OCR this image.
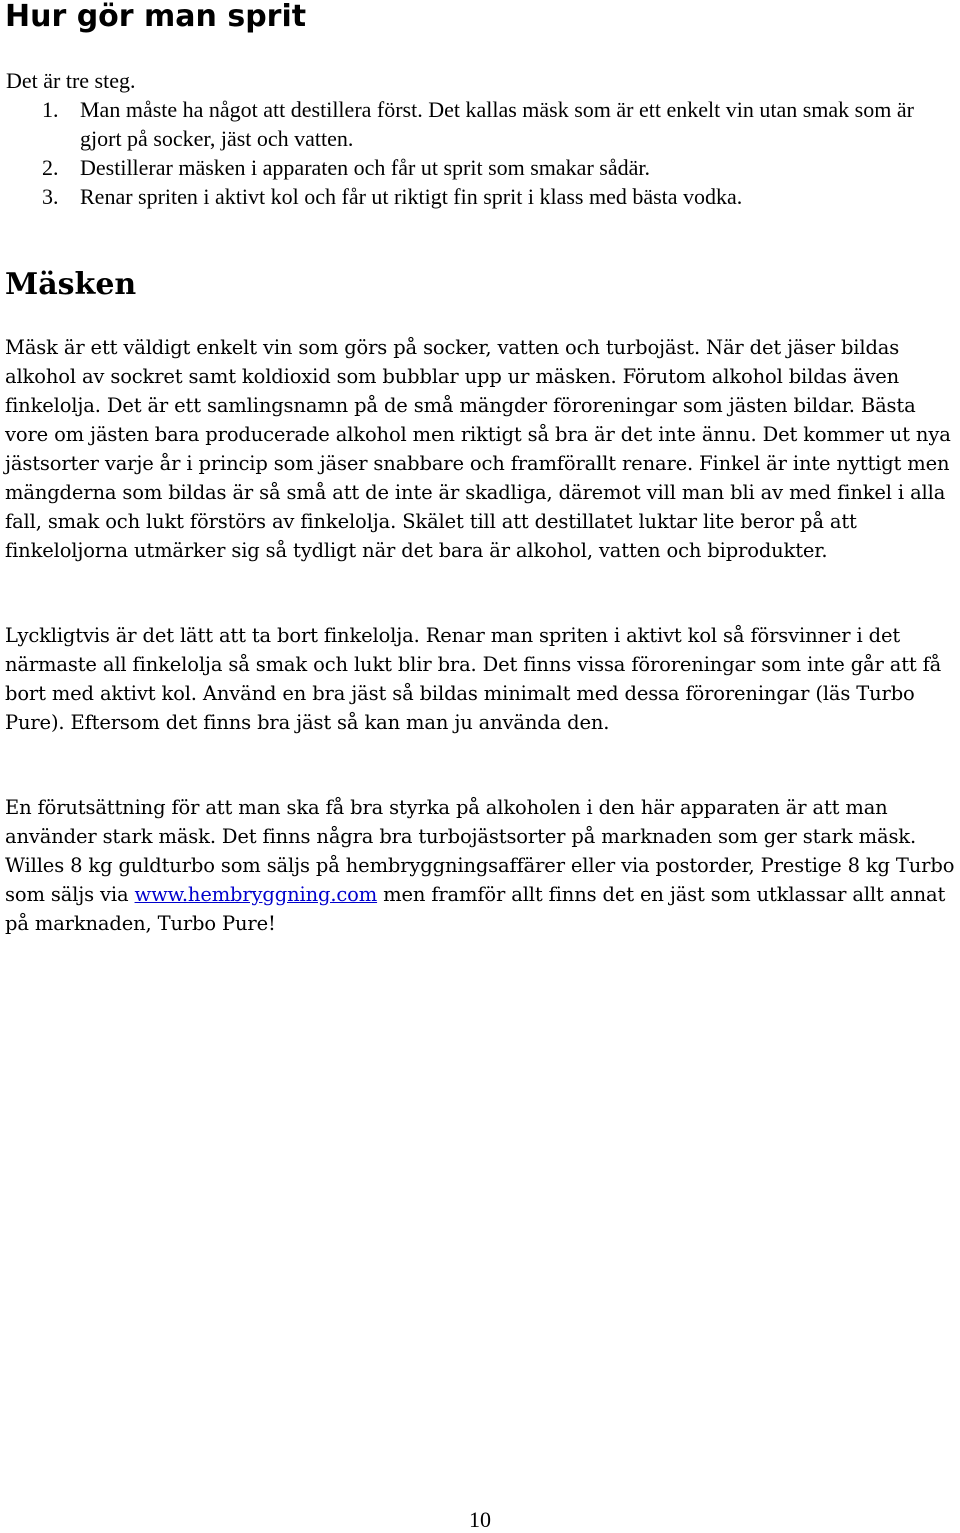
Hur gör man sprit

Det är tre steg.

1. Man måste ha något att destillera först. Det kallas mäsk som är ett enkelt vin utan smak som är gjort på socker, jäst och vatten.
2. Destillerar mäsken i apparaten och får ut sprit som smakar sådär.
3. Renar spriten i aktivt kol och får ut riktigt fin sprit i klass med bästa vodka.
Mäsken

Mäsk är ett väldigt enkelt vin som görs på socker, vatten och turbojäst. När det jäser bildas alkohol av sockret samt koldioxid som bubblar upp ur mäsken. Förutom alkohol bildas även finkelolja. Det är ett samlingsnamn på de små mängder föroreningar som jästen bildar. Bästa vore om jästen bara producerade alkohol men riktigt så bra är det inte ännu. Det kommer ut nya jästsorter varje år i princip som jäser snabbare och framförallt renare. Finkel är inte nyttigt men mängderna som bildas är så små att de inte är skadliga, däremot vill man bli av med finkel i alla fall, smak och lukt förstörs av finkelolja. Skälet till att destillatet luktar lite beror på att finkeloljorna utmärker sig så tydligt när det bara är alkohol, vatten och biprodukter.

Lyckligtvis är det lätt att ta bort finkelolja. Renar man spriten i aktivt kol så försvinner i det närmaste all finkelolja så smak och lukt blir bra. Det finns vissa föroreningar som inte går att få bort med aktivt kol. Använd en bra jäst så bildas minimalt med dessa föroreningar (läs Turbo Pure). Eftersom det finns bra jäst så kan man ju använda den.

En förutsättning för att man ska få bra styrka på alkoholen i den här apparaten är att man använder stark mäsk. Det finns några bra turbojästsorter på marknaden som ger stark mäsk. Willes 8 kg guldturbo som säljs på hembryggningsaffärer eller via postorder, Prestige 8 kg Turbo som säljs via www.hembryggning.com men framför allt finns det en jäst som utklassar allt annat på marknaden, Turbo Pure!

10
